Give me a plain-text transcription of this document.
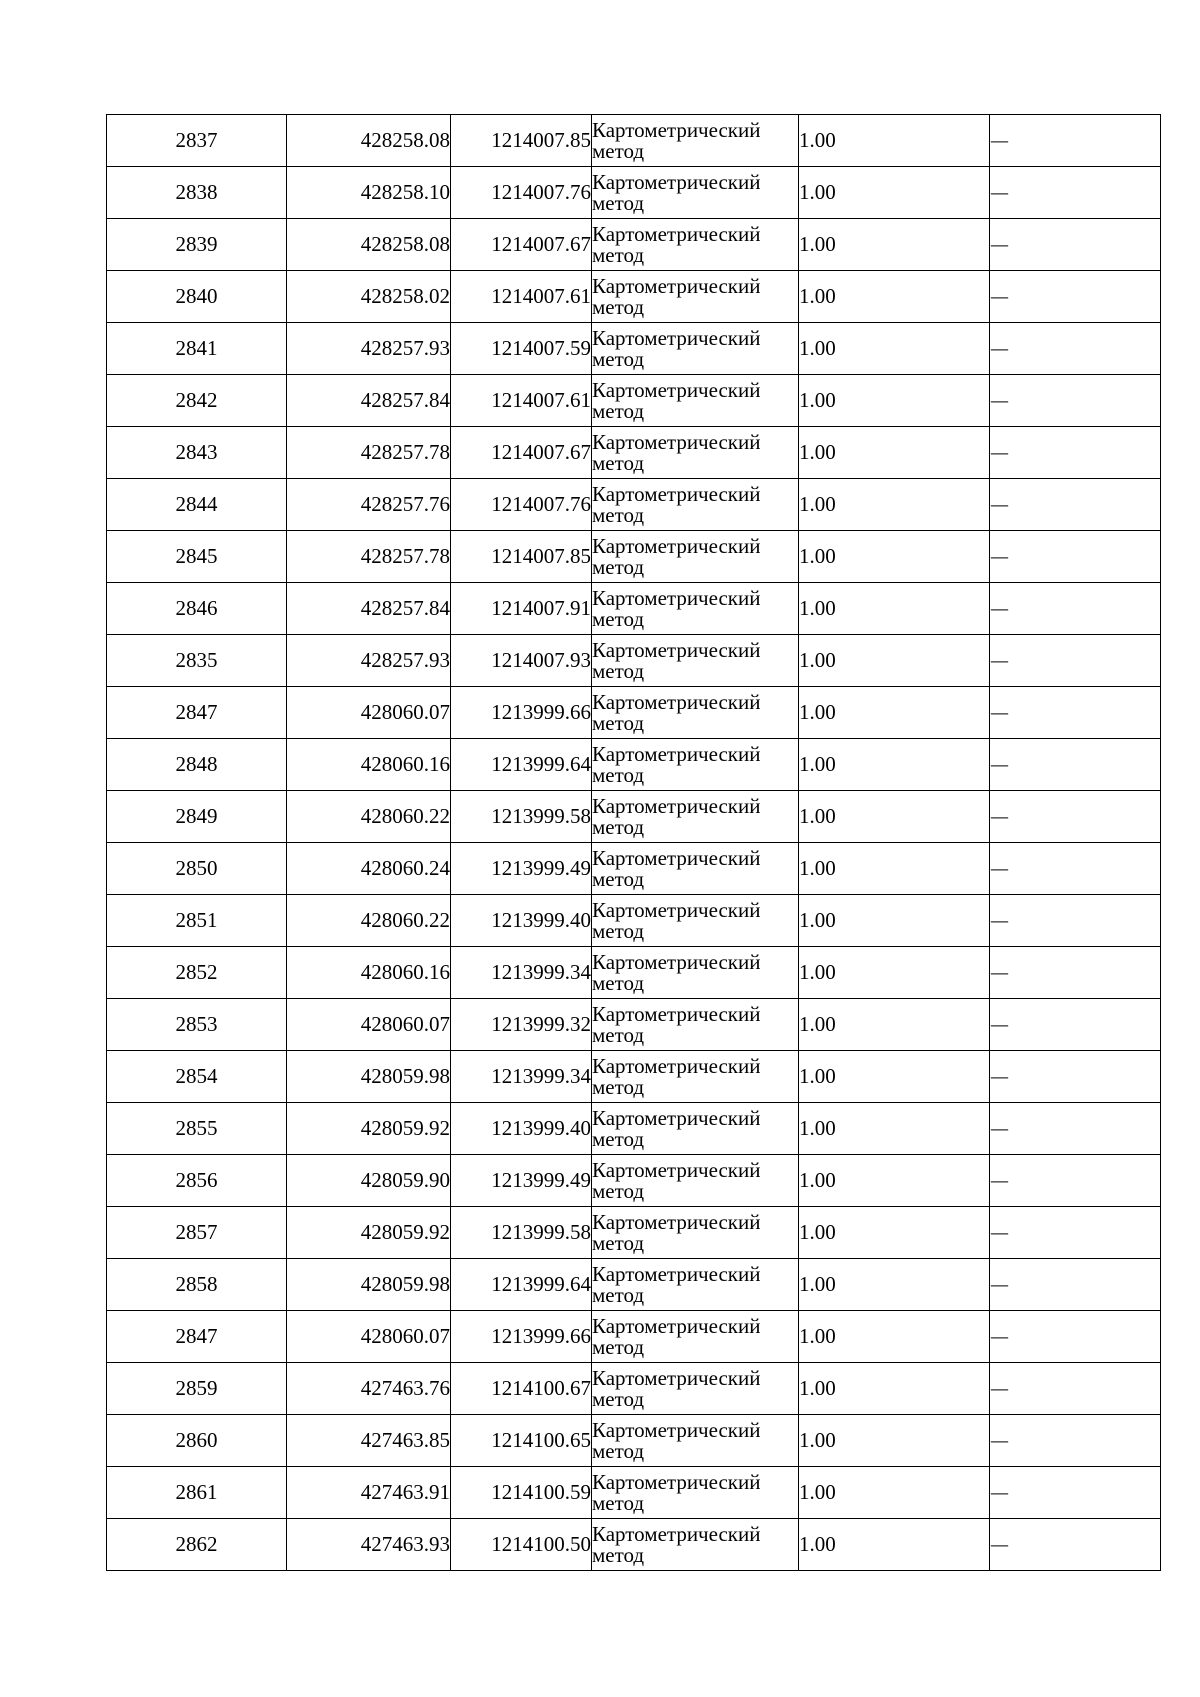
2837	428258.08	1214007.85	Картометрический
метод	1.00	—
2838	428258.10	1214007.76	Картометрический
метод	1.00	—
2839	428258.08	1214007.67	Картометрический
метод	1.00	—
2840	428258.02	1214007.61	Картометрический
метод	1.00	—
2841	428257.93	1214007.59	Картометрический
метод	1.00	—
2842	428257.84	1214007.61	Картометрический
метод	1.00	—
2843	428257.78	1214007.67	Картометрический
метод	1.00	—
2844	428257.76	1214007.76	Картометрический
метод	1.00	—
2845	428257.78	1214007.85	Картометрический
метод	1.00	—
2846	428257.84	1214007.91	Картометрический
метод	1.00	—
2835	428257.93	1214007.93	Картометрический
метод	1.00	—
2847	428060.07	1213999.66	Картометрический
метод	1.00	—
2848	428060.16	1213999.64	Картометрический
метод	1.00	—
2849	428060.22	1213999.58	Картометрический
метод	1.00	—
2850	428060.24	1213999.49	Картометрический
метод	1.00	—
2851	428060.22	1213999.40	Картометрический
метод	1.00	—
2852	428060.16	1213999.34	Картометрический
метод	1.00	—
2853	428060.07	1213999.32	Картометрический
метод	1.00	—
2854	428059.98	1213999.34	Картометрический
метод	1.00	—
2855	428059.92	1213999.40	Картометрический
метод	1.00	—
2856	428059.90	1213999.49	Картометрический
метод	1.00	—
2857	428059.92	1213999.58	Картометрический
метод	1.00	—
2858	428059.98	1213999.64	Картометрический
метод	1.00	—
2847	428060.07	1213999.66	Картометрический
метод	1.00	—
2859	427463.76	1214100.67	Картометрический
метод	1.00	—
2860	427463.85	1214100.65	Картометрический
метод	1.00	—
2861	427463.91	1214100.59	Картометрический
метод	1.00	—
2862	427463.93	1214100.50	Картометрический
метод	1.00	—
